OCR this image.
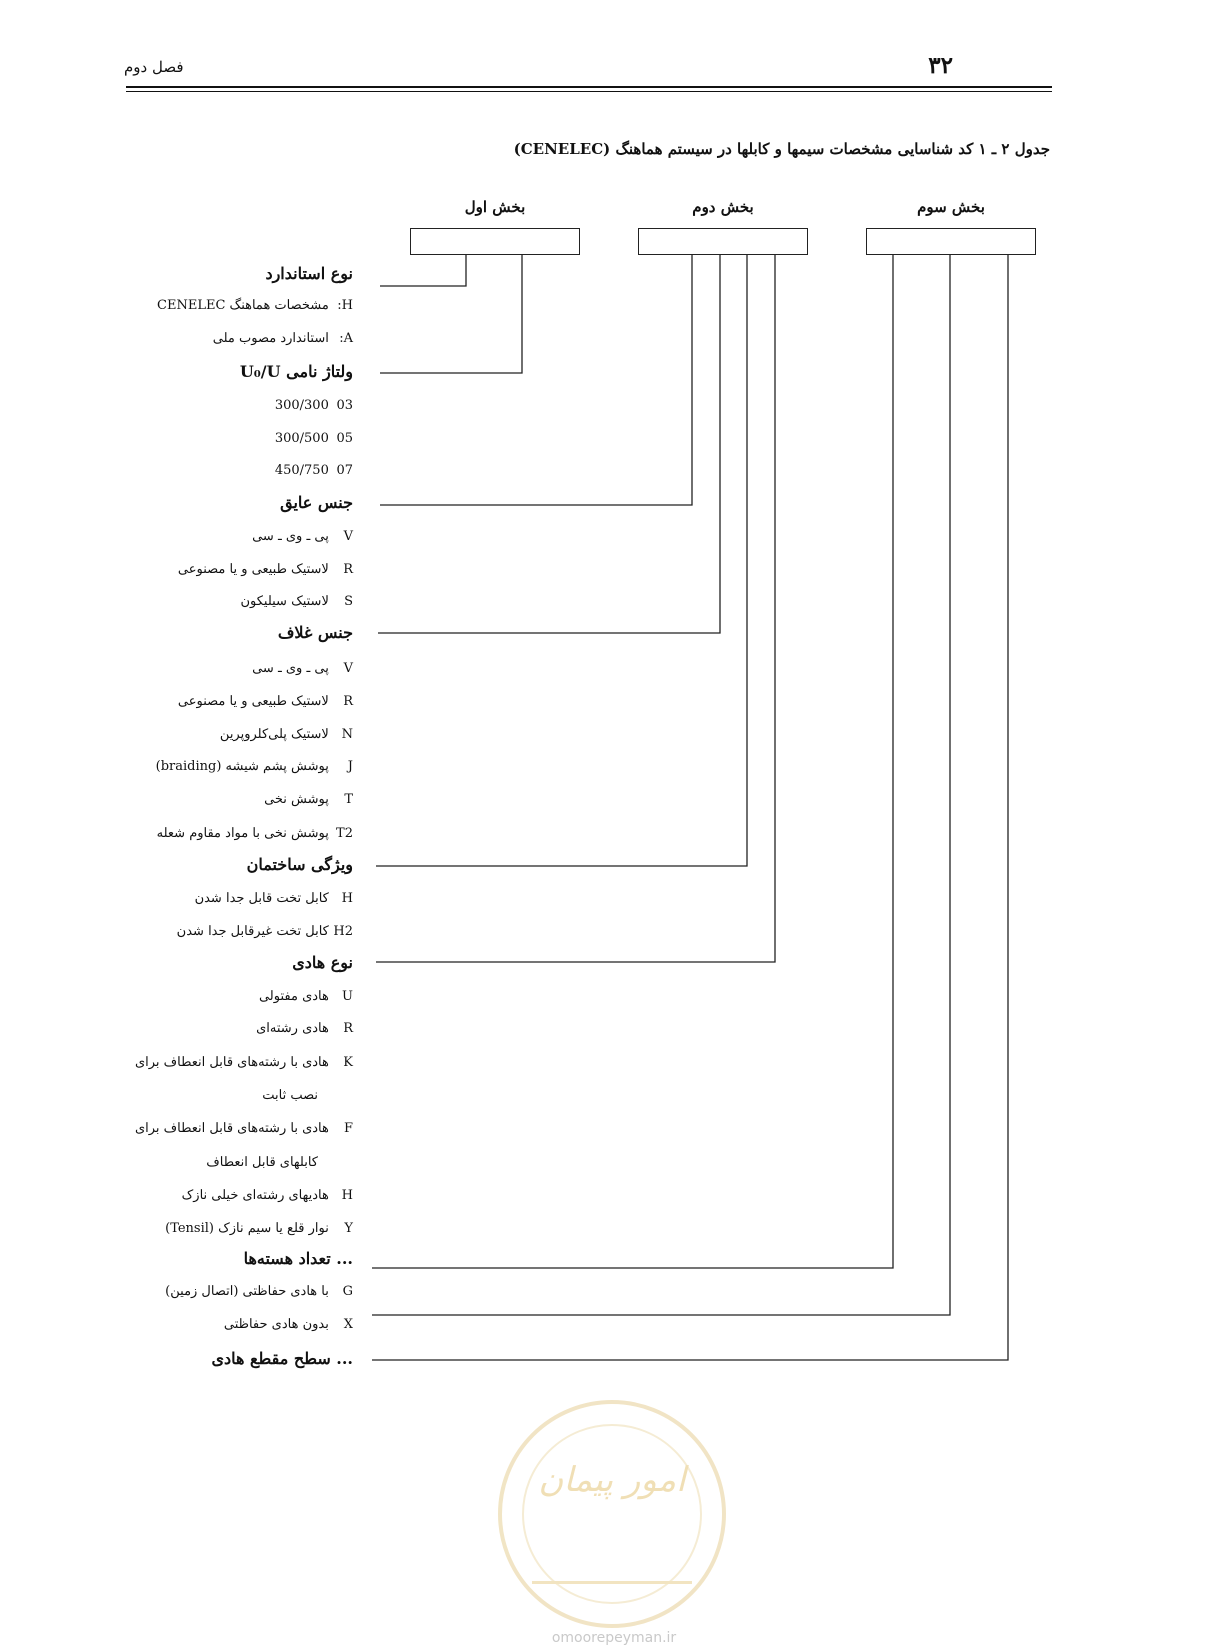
۳۲
فصل دوم
جدول ۲ ـ ۱ کد شناسایی مشخصات سیمها و کابلها در سیستم هماهنگ (CENELEC)
بخش سوم
بخش دوم
بخش اول
نوع استاندارد
H: مشخصات هماهنگ CENELEC
A: استاندارد مصوب ملی
ولتاژ نامی U₀/U
03 300/300
05 300/500
07 450/750
جنس عایق
V پی ـ وی ـ سی
R لاستیک طبیعی و یا مصنوعی
S لاستیک سیلیکون
جنس غلاف
V پی ـ وی ـ سی
R لاستیک طبیعی و یا مصنوعی
N لاستیک پلی‌کلروپرین
J پوشش پشم شیشه (braiding)
T پوشش نخی
T2 پوشش نخی با مواد مقاوم شعله
ویژگی ساختمان
H کابل تخت قابل جدا شدن
H2 کابل تخت غیرقابل جدا شدن
نوع هادی
U هادی مفتولی
R هادی رشته‌ای
K هادی با رشته‌های قابل انعطاف برای
نصب ثابت
F هادی با رشته‌های قابل انعطاف برای
کابلهای قابل انعطاف
H هادیهای رشته‌ای خیلی نازک
Y نوار قلع یا سیم نازک (Tensil)
... تعداد هسته‌ها
G با هادی حفاظتی (اتصال زمین)
X بدون هادی حفاظتی
... سطح مقطع هادی
امور پیمان
omoorepeyman.ir
